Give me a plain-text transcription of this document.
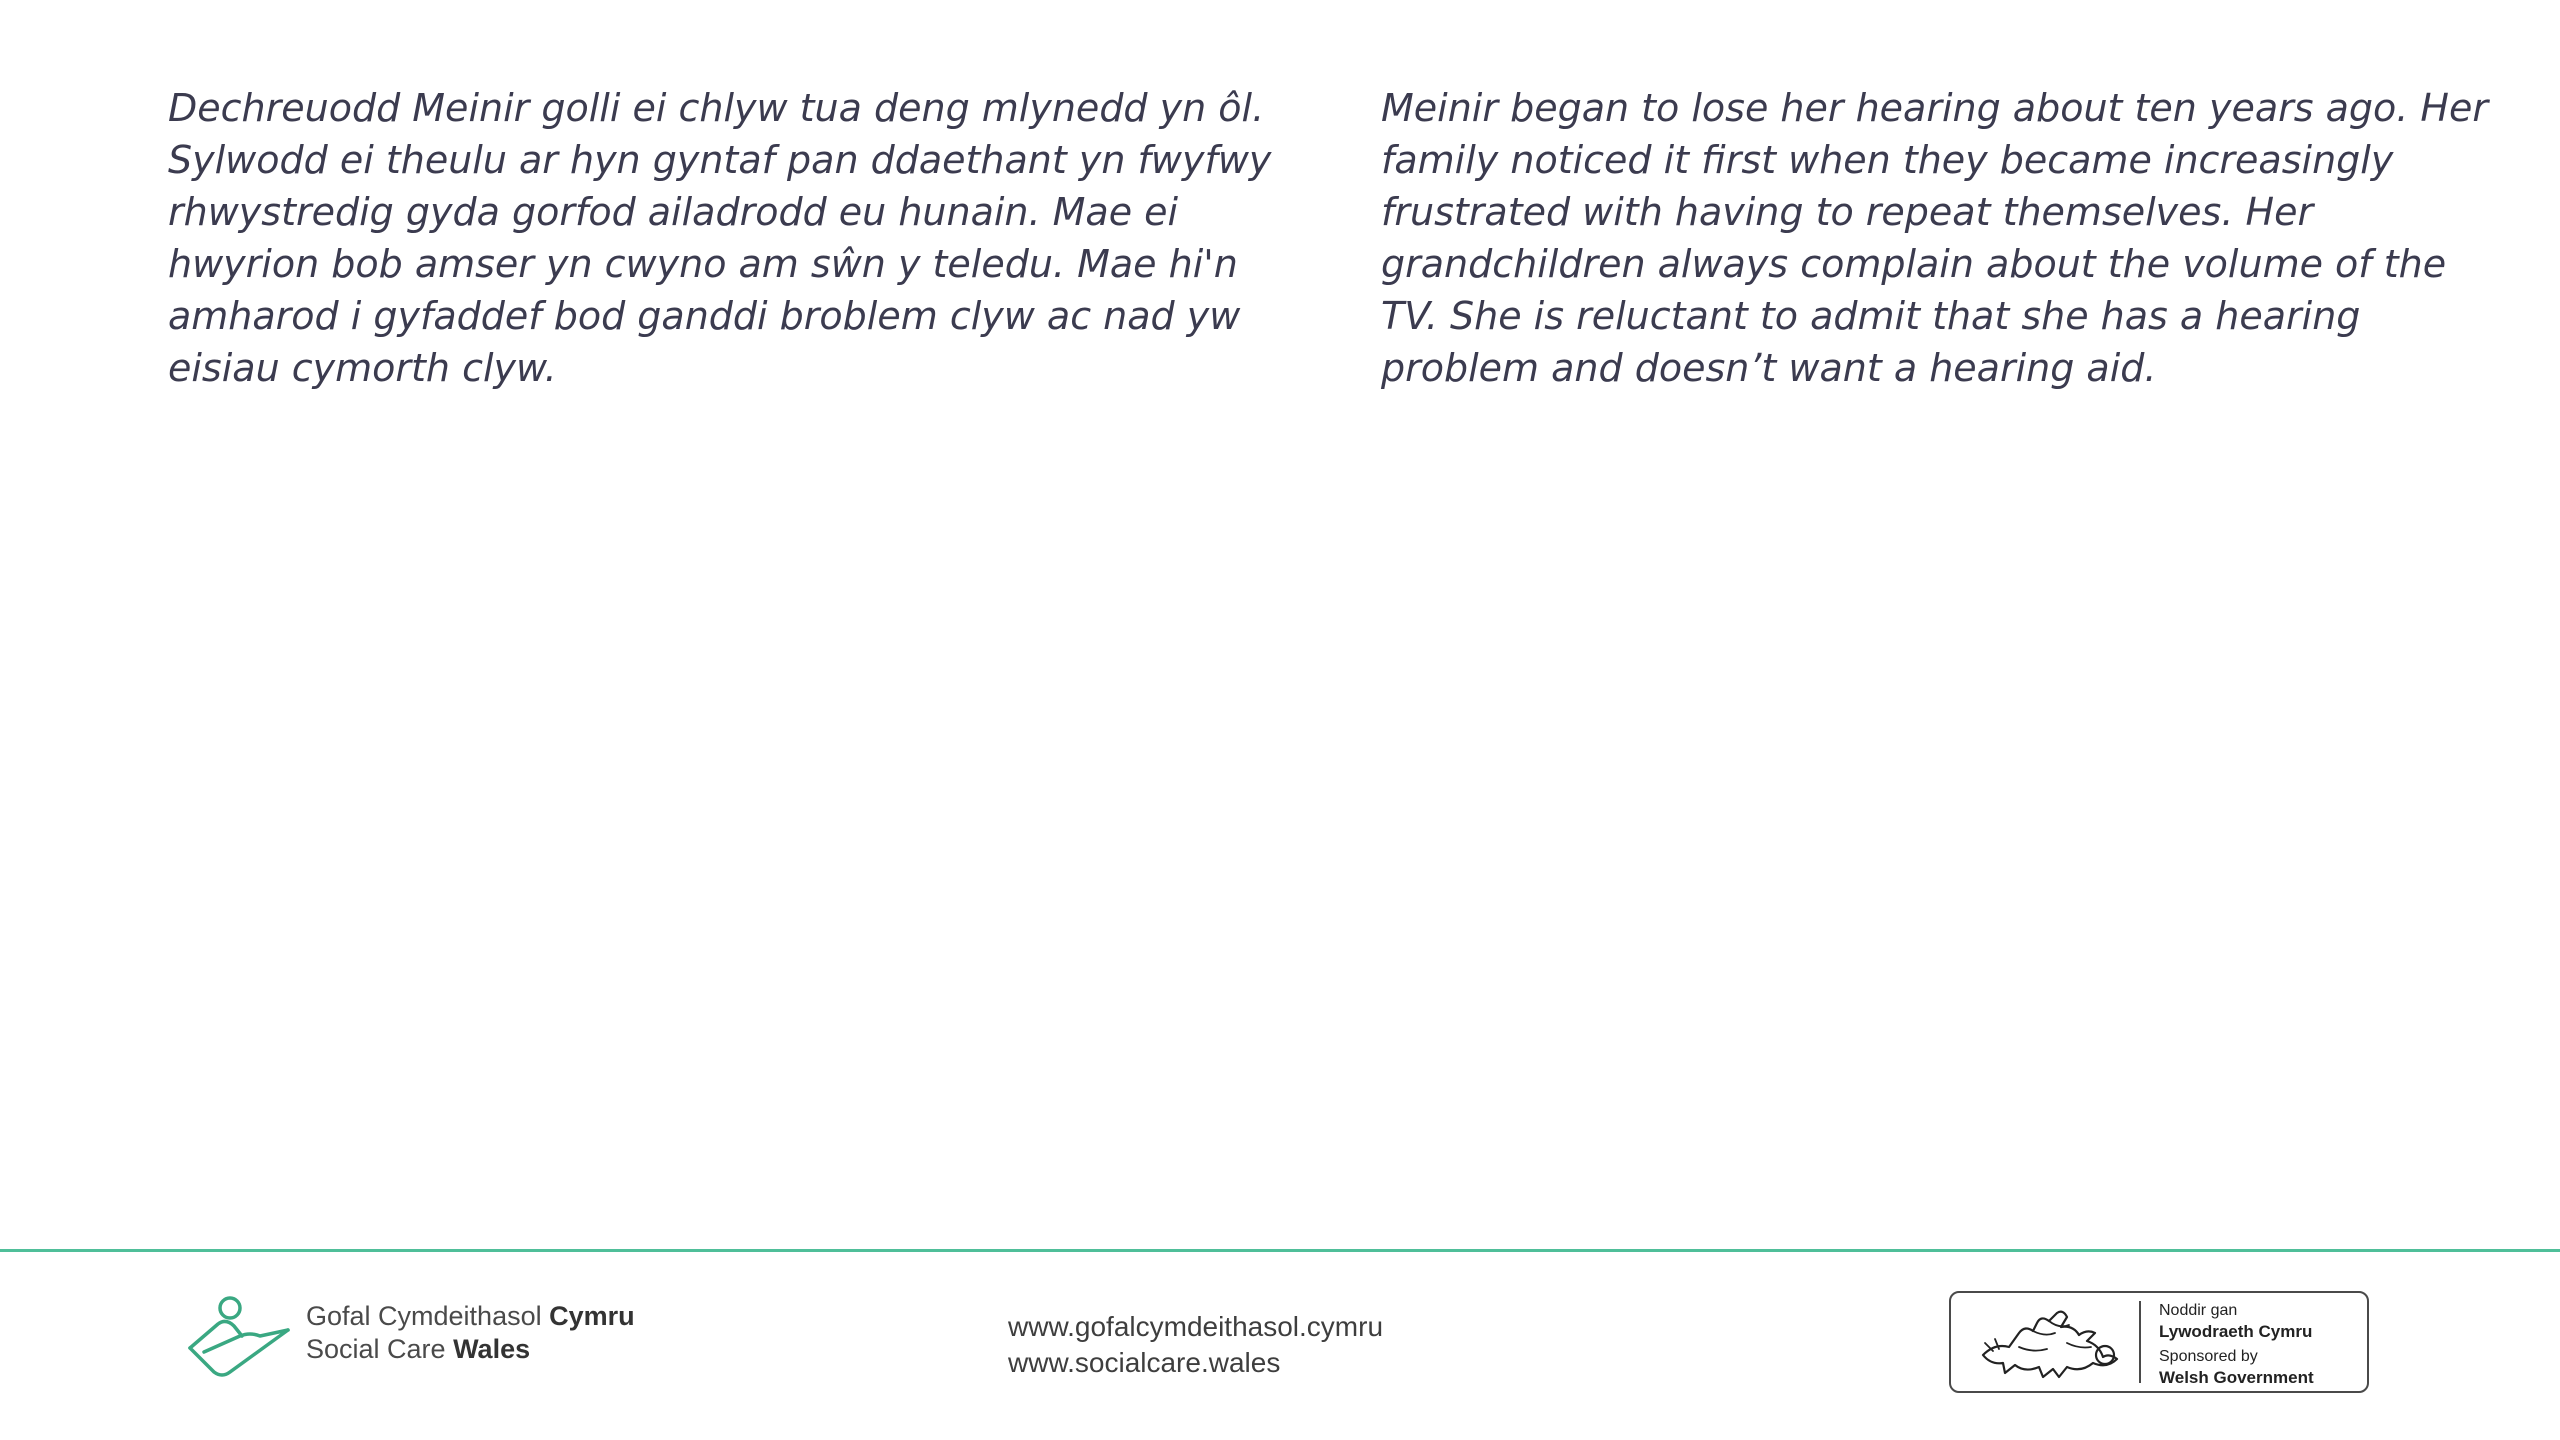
Dechreuodd Meinir golli ei chlyw tua deng mlynedd yn ôl. Sylwodd ei theulu ar hyn gyntaf pan ddaethant yn fwyfwy rhwystredig gyda gorfod ailadrodd eu hunain. Mae ei hwyrion bob amser yn cwyno am sŵn y teledu. Mae hi'n amharod i gyfaddef bod ganddi broblem clyw ac nad yw eisiau cymorth clyw.

Meinir began to lose her hearing about ten years ago. Her family noticed it first when they became increasingly frustrated with having to repeat themselves. Her grandchildren always complain about the volume of the TV. She is reluctant to admit that she has a hearing problem and doesn’t want a hearing aid.

Gofal Cymdeithasol Cymru
Social Care Wales
www.gofalcymdeithasol.cymru
www.socialcare.wales
Noddir gan
Lywodraeth Cymru
Sponsored by
Welsh Government
